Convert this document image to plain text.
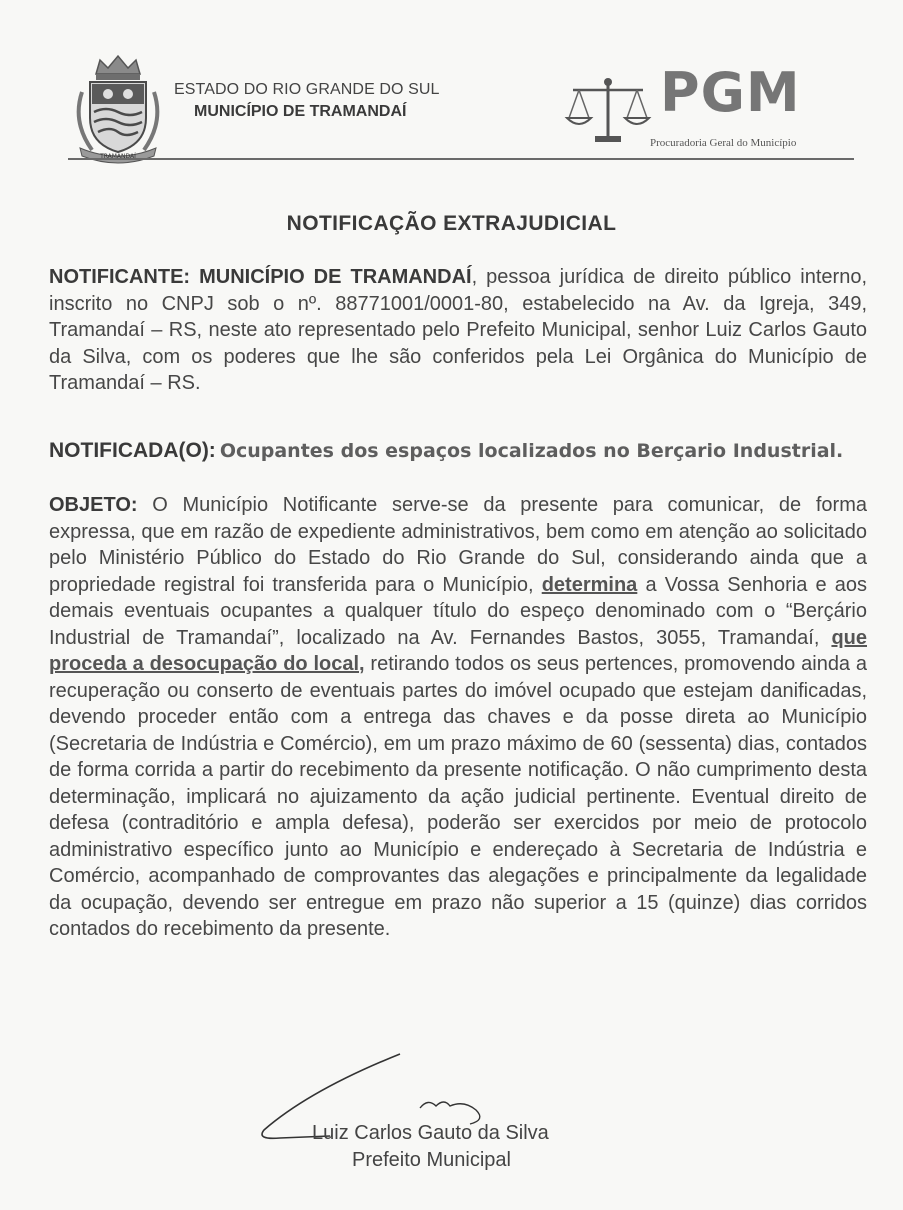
TRAMANDAÍ
ESTADO DO RIO GRANDE DO SUL
MUNICÍPIO DE TRAMANDAÍ	PGM
Procuradoria Geral do Município
NOTIFICAÇÃO EXTRAJUDICIAL
NOTIFICANTE: MUNICÍPIO DE TRAMANDAÍ, pessoa jurídica de direito público interno, inscrito no CNPJ sob o nº. 88771001/0001-80, estabelecido na Av. da Igreja, 349, Tramandaí – RS, neste ato representado pelo Prefeito Municipal, senhor Luiz Carlos Gauto da Silva, com os poderes que lhe são conferidos pela Lei Orgânica do Município de Tramandaí – RS.
NOTIFICADA(O): Ocupantes dos espaços localizados no Berçario Industrial.
OBJETO: O Município Notificante serve-se da presente para comunicar, de forma expressa, que em razão de expediente administrativos, bem como em atenção ao solicitado pelo Ministério Público do Estado do Rio Grande do Sul, considerando ainda que a propriedade registral foi transferida para o Município, determina a Vossa Senhoria e aos demais eventuais ocupantes a qualquer título do espeço denominado com o “Berçário Industrial de Tramandaí”, localizado na Av. Fernandes Bastos, 3055, Tramandaí, que proceda a desocupação do local, retirando todos os seus pertences, promovendo ainda a recuperação ou conserto de eventuais partes do imóvel ocupado que estejam danificadas, devendo proceder então com a entrega das chaves e da posse direta ao Município (Secretaria de Indústria e Comércio), em um prazo máximo de 60 (sessenta) dias, contados de forma corrida a partir do recebimento da presente notificação. O não cumprimento desta determinação, implicará no ajuizamento da ação judicial pertinente. Eventual direito de defesa (contraditório e ampla defesa), poderão ser exercidos por meio de protocolo administrativo específico junto ao Município e endereçado à Secretaria de Indústria e Comércio, acompanhado de comprovantes das alegações e principalmente da legalidade da ocupação, devendo ser entregue em prazo não superior a 15 (quinze) dias corridos contados do recebimento da presente.
Luiz Carlos Gauto da Silva
Prefeito Municipal
